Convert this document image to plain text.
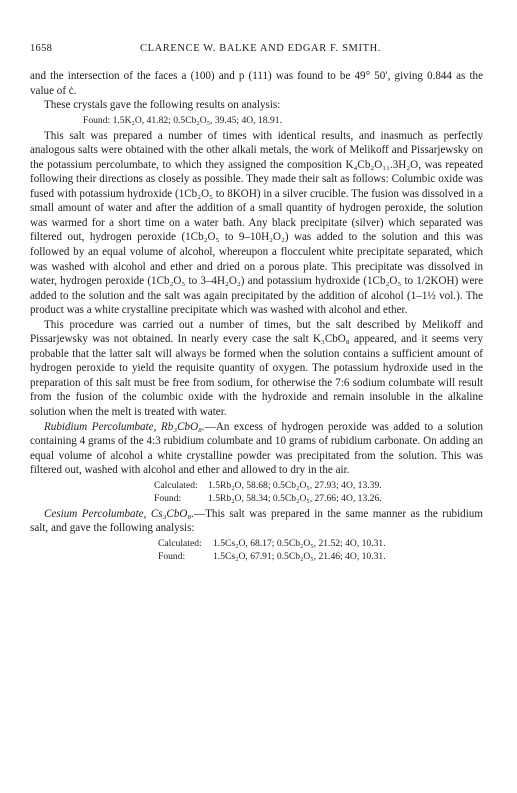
1658	CLARENCE W. BALKE AND EDGAR F. SMITH.

and the intersection of the faces a (100) and p (111) was found to be 49° 50′, giving 0.844 as the value of ċ.

These crystals gave the following results on analysis:

Found: 1.5K₂O, 41.82; 0.5Cb₂O₅, 39.45; 4O, 18.91.

This salt was prepared a number of times with identical results, and inasmuch as perfectly analogous salts were obtained with the other alkali metals, the work of Melikoff and Pissarjewsky on the potassium percolumbate, to which they assigned the composition K₄Cb₂O₁₁.3H₂O, was repeated following their directions as closely as possible. They made their salt as follows: Columbic oxide was fused with potassium hydroxide (1Cb₂O₅ to 8KOH) in a silver crucible. The fusion was dissolved in a small amount of water and after the addition of a small quantity of hydrogen peroxide, the solution was warmed for a short time on a water bath. Any black precipitate (silver) which separated was filtered out, hydrogen peroxide (1Cb₂O₅ to 9–10H₂O₂) was added to the solution and this was followed by an equal volume of alcohol, whereupon a flocculent white precipitate separated, which was washed with alcohol and ether and dried on a porous plate. This precipitate was dissolved in water, hydrogen peroxide (1Cb₂O₅ to 3–4H₂O₂) and potassium hydroxide (1Cb₂O₅ to 1/2KOH) were added to the solution and the salt was again precipitated by the addition of alcohol (1–1½ vol.). The product was a white crystalline precipitate which was washed with alcohol and ether.

This procedure was carried out a number of times, but the salt described by Melikoff and Pissarjewsky was not obtained. In nearly every case the salt K₃CbO₈ appeared, and it seems very probable that the latter salt will always be formed when the solution contains a sufficient amount of hydrogen peroxide to yield the requisite quantity of oxygen. The potassium hydroxide used in the preparation of this salt must be free from sodium, for otherwise the 7:6 sodium columbate will result from the fusion of the columbic oxide with the hydroxide and remain insoluble in the alkaline solution when the melt is treated with water.

Rubidium Percolumbate, Rb₃CbO₈.—An excess of hydrogen peroxide was added to a solution containing 4 grams of the 4:3 rubidium columbate and 10 grams of rubidium carbonate. On adding an equal volume of alcohol a white crystalline powder was precipitated from the solution. This was filtered out, washed with alcohol and ether and allowed to dry in the air.

Calculated: 1.5Rb₂O, 58.68; 0.5Cb₂O₅, 27.93; 4O, 13.39.
Found:	1.5Rb₂O, 58.34; 0.5Cb₂O₅, 27.66; 4O, 13.26.

Cesium Percolumbate, Cs₃CbO₈.—This salt was prepared in the same manner as the rubidium salt, and gave the following analysis:

Calculated: 1.5Cs₂O, 68.17; 0.5Cb₂O₅, 21.52; 4O, 10.31.
Found:	1.5Cs₂O, 67.91; 0.5Cb₂O₅, 21.46; 4O, 10.31.
